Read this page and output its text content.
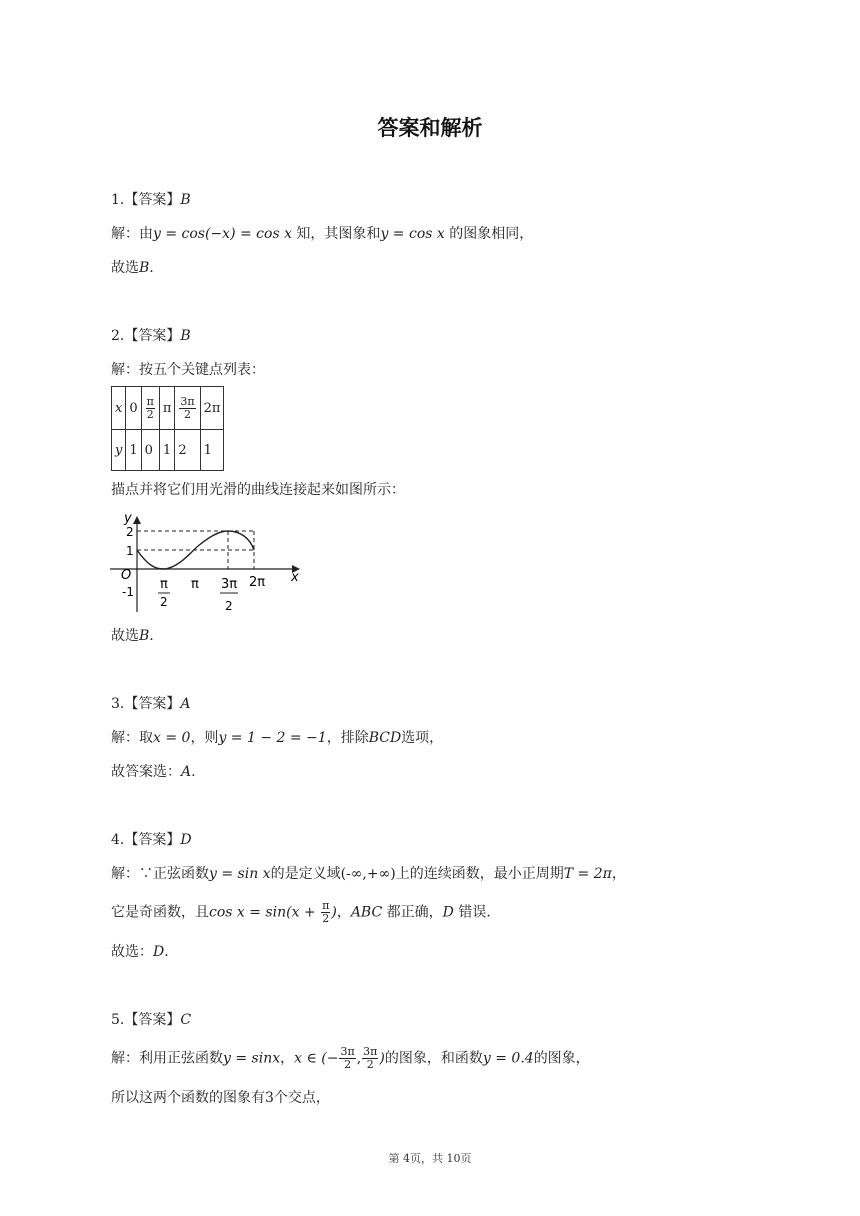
答案和解析
1.【答案】B
解：由y = cos(−x) = cos x 知，其图象和y = cos x 的图象相同，
故选B.
2.【答案】B
解：按五个关键点列表：
x	0	$\frac{\pi}{2}$	π	$\frac{3\pi}{2}$	2π
y	1	0	1	2	1
描点并将它们用光滑的曲线连接起来如图所示：
y
x
O
2
1
-1 π
2
π 3π
2
2π
故选B.
3.【答案】A
解：取x = 0，则y = 1 − 2 = −1，排除BCD选项，
故答案选：A.
4.【答案】D
解：∵正弦函数y = sin x的是定义域(-∞,+∞)上的连续函数，最小正周期T = 2π，
它是奇函数，且$\cos x = \sin(x + \frac{\pi}{2}$ )，ABC 都正确，D 错误.
故选：D.
5.【答案】C
解：利用正弦函数y = sinx，x ∈ (− $\frac{3\pi}{2}$ , $\frac{3\pi}{2}$ )的图象，和函数y = 0.4的图象，
所以这两个函数的图象有3个交点，
第 4页，共 10页
